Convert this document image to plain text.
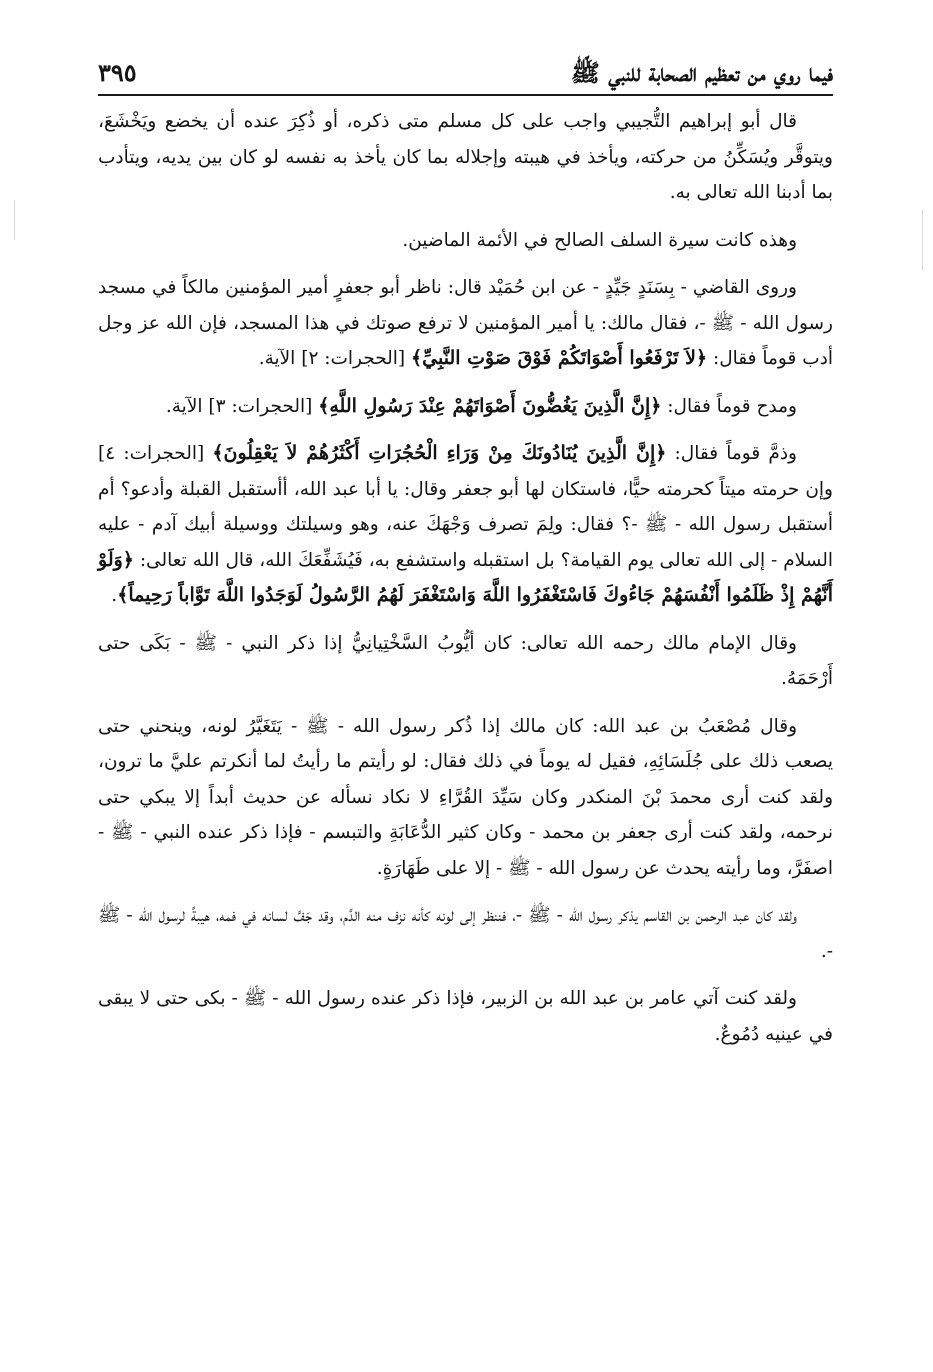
فيما روي من تعظيم الصحابة للنبي ﷺ
٣٩٥

قال أبو إبراهيم التُّجيبي واجب على كل مسلم متى ذكره، أو ذُكِرَ عنده أن يخضع ويَخْشَعَ، ويتوقَّر ويُسَكِّنُ من حركته، ويأخذ في هيبته وإجلاله بما كان يأخذ به نفسه لو كان بين يديه، ويتأدب بما أدبنا الله تعالى به.

وهذه كانت سيرة السلف الصالح في الأئمة الماضين.

وروى القاضي - بِسَنَدٍ جَيِّدٍ - عن ابن حُمَيْد قال: ناظر أبو جعفرٍ أمير المؤمنين مالكاً في مسجد رسول الله - ﷺ -، فقال مالك: يا أمير المؤمنين لا ترفع صوتك في هذا المسجد، فإن الله عز وجل أدب قوماً فقال: ﴿لاَ تَرْفَعُوا أَصْوَاتَكُمْ فَوْقَ صَوْتِ النَّبِيِّ﴾ [الحجرات: ٢] الآية.

ومدح قوماً فقال: ﴿إِنَّ الَّذِينَ يَغُضُّونَ أَصْوَاتَهُمْ عِنْدَ رَسُولِ اللَّهِ﴾ [الحجرات: ٣] الآية.

وذمَّ قوماً فقال: ﴿إِنَّ الَّذِينَ يُنَادُونَكَ مِنْ وَرَاءِ الْحُجُرَاتِ أَكْثَرُهُمْ لاَ يَعْقِلُونَ﴾ [الحجرات: ٤] وإن حرمته ميتاً كحرمته حيًّا، فاستكان لها أبو جعفر وقال: يا أبا عبد الله، أأستقبل القبلة وأدعو؟ أم أستقبل رسول الله - ﷺ -؟ فقال: ولِمَ تصرف وَجْهَكَ عنه، وهو وسيلتك ووسيلة أبيك آدم - عليه السلام - إلى الله تعالى يوم القيامة؟ بل استقبله واستشفع به، فَيُشَفِّعَكَ الله، قال الله تعالى: ﴿وَلَوْ أَنَّهُمْ إِذْ ظَلَمُوا أَنْفُسَهُمْ جَاءُوكَ فَاسْتَغْفَرُوا اللَّهَ وَاسْتَغْفَرَ لَهُمُ الرَّسُولُ لَوَجَدُوا اللَّهَ تَوَّاباً رَحِيماً﴾.

وقال الإمام مالك رحمه الله تعالى: كان أيُّوبُ السَّخْتِيانِيُّ إذا ذكر النبي - ﷺ - بَكَى حتى أَرْحَمَهُ.

وقال مُصْعَبُ بن عبد الله: كان مالك إذا ذُكر رسول الله - ﷺ - يَتَغَيَّرُ لونه، وينحني حتى يصعب ذلك على جُلَسَائِهِ، فقيل له يوماً في ذلك فقال: لو رأيتم ما رأيتُ لما أنكرتم عليَّ ما ترون، ولقد كنت أرى محمدَ بْنَ المنكدر وكان سَيِّدَ القُرَّاءِ لا نكاد نسأله عن حديث أبداً إلا يبكي حتى نرحمه، ولقد كنت أرى جعفر بن محمد - وكان كثير الدُّعَابَةِ والتبسم - فإذا ذكر عنده النبي - ﷺ - اصفَرَّ، وما رأيته يحدث عن رسول الله - ﷺ - إلا على طَهَارَةٍ.

ولقد كان عبد الرحمن بن القاسم يذكر رسول الله - ﷺ -، فننظر إلى لونه كأنه نزف منه الدَّم، وقد جَفَّ لسانه في فمه، هيبةً لرسول الله - ﷺ -.

ولقد كنت آتي عامر بن عبد الله بن الزبير، فإذا ذكر عنده رسول الله - ﷺ - بكى حتى لا يبقى في عينيه دُمُوعٌ.
